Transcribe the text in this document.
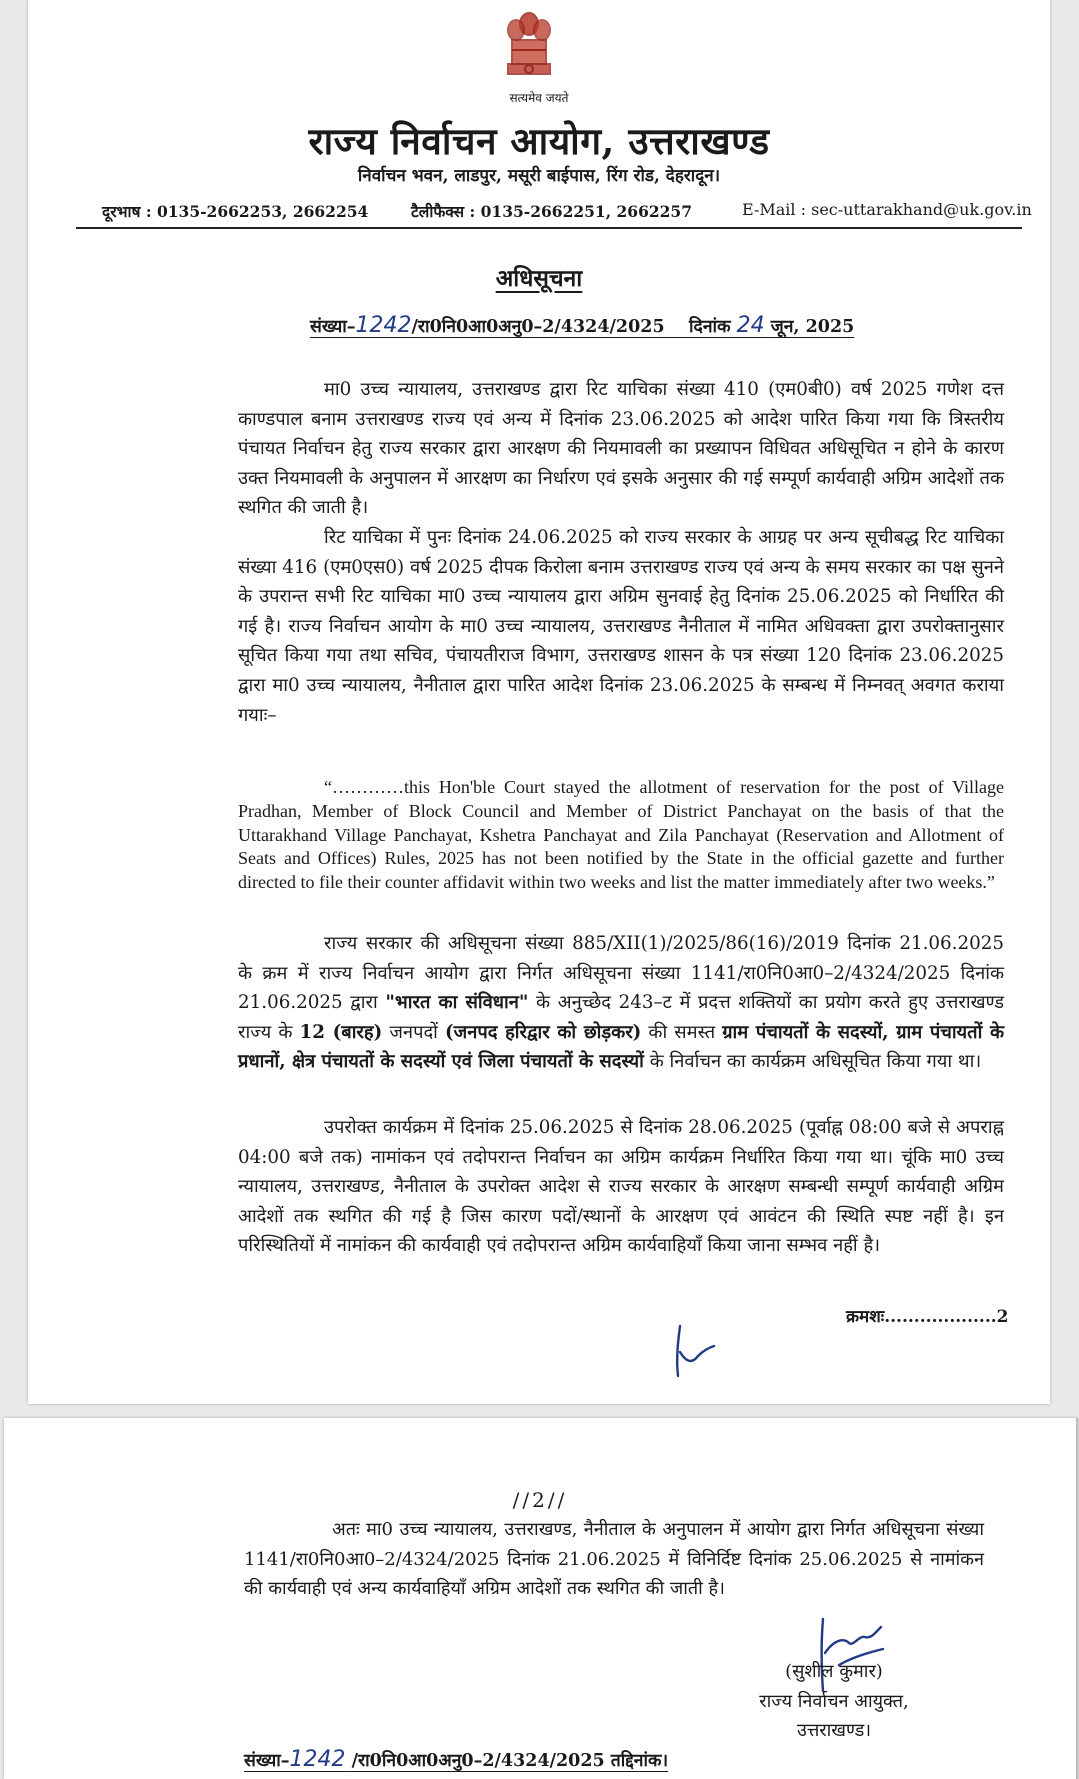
सत्यमेव जयते
राज्य निर्वाचन आयोग, उत्तराखण्ड
निर्वाचन भवन, लाडपुर, मसूरी बाईपास, रिंग रोड, देहरादून।
दूरभाष : 0135-2662253, 2662254	टैलीफैक्स : 0135-2662251, 2662257	E-Mail : sec-uttarakhand@uk.gov.in
अधिसूचना
संख्या–1242/रा0नि0आ0अनु0–2/4324/2025 दिनांक 24 जून, 2025

मा0 उच्च न्यायालय, उत्तराखण्ड द्वारा रिट याचिका संख्या 410 (एम0बी0) वर्ष 2025 गणेश दत्त काण्डपाल बनाम उत्तराखण्ड राज्य एवं अन्य में दिनांक 23.06.2025 को आदेश पारित किया गया कि त्रिस्तरीय पंचायत निर्वाचन हेतु राज्य सरकार द्वारा आरक्षण की नियमावली का प्रख्यापन विधिवत अधिसूचित न होने के कारण उक्त नियमावली के अनुपालन में आरक्षण का निर्धारण एवं इसके अनुसार की गई सम्पूर्ण कार्यवाही अग्रिम आदेशों तक स्थगित की जाती है।

रिट याचिका में पुनः दिनांक 24.06.2025 को राज्य सरकार के आग्रह पर अन्य सूचीबद्ध रिट याचिका संख्या 416 (एम0एस0) वर्ष 2025 दीपक किरोला बनाम उत्तराखण्ड राज्य एवं अन्य के समय सरकार का पक्ष सुनने के उपरान्त सभी रिट याचिका मा0 उच्च न्यायालय द्वारा अग्रिम सुनवाई हेतु दिनांक 25.06.2025 को निर्धारित की गई है। राज्य निर्वाचन आयोग के मा0 उच्च न्यायालय, उत्तराखण्ड नैनीताल में नामित अधिवक्ता द्वारा उपरोक्तानुसार सूचित किया गया तथा सचिव, पंचायतीराज विभाग, उत्तराखण्ड शासन के पत्र संख्या 120 दिनांक 23.06.2025 द्वारा मा0 उच्च न्यायालय, नैनीताल द्वारा पारित आदेश दिनांक 23.06.2025 के सम्बन्ध में निम्नवत् अवगत कराया गयाः–

“…………this Hon'ble Court stayed the allotment of reservation for the post of Village Pradhan, Member of Block Council and Member of District Panchayat on the basis of that the Uttarakhand Village Panchayat, Kshetra Panchayat and Zila Panchayat (Reservation and Allotment of Seats and Offices) Rules, 2025 has not been notified by the State in the official gazette and further directed to file their counter affidavit within two weeks and list the matter immediately after two weeks.”

राज्य सरकार की अधिसूचना संख्या 885/XII(1)/2025/86(16)/2019 दिनांक 21.06.2025 के क्रम में राज्य निर्वाचन आयोग द्वारा निर्गत अधिसूचना संख्या 1141/रा0नि0आ0–2/4324/2025 दिनांक 21.06.2025 द्वारा "भारत का संविधान" के अनुच्छेद 243–ट में प्रदत्त शक्तियों का प्रयोग करते हुए उत्तराखण्ड राज्य के 12 (बारह) जनपदों (जनपद हरिद्वार को छोड़कर) की समस्त ग्राम पंचायतों के सदस्यों, ग्राम पंचायतों के प्रधानों, क्षेत्र पंचायतों के सदस्यों एवं जिला पंचायतों के सदस्यों के निर्वाचन का कार्यक्रम अधिसूचित किया गया था।

उपरोक्त कार्यक्रम में दिनांक 25.06.2025 से दिनांक 28.06.2025 (पूर्वाह्न 08:00 बजे से अपराह्न 04:00 बजे तक) नामांकन एवं तदोपरान्त निर्वाचन का अग्रिम कार्यक्रम निर्धारित किया गया था। चूंकि मा0 उच्च न्यायालय, उत्तराखण्ड, नैनीताल के उपरोक्त आदेश से राज्य सरकार के आरक्षण सम्बन्धी सम्पूर्ण कार्यवाही अग्रिम आदेशों तक स्थगित की गई है जिस कारण पदों/स्थानों के आरक्षण एवं आवंटन की स्थिति स्पष्ट नहीं है। इन परिस्थितियों में नामांकन की कार्यवाही एवं तदोपरान्त अग्रिम कार्यवाहियॉं किया जाना सम्भव नहीं है।

क्रमशः...................2
//2//

अतः मा0 उच्च न्यायालय, उत्तराखण्ड, नैनीताल के अनुपालन में आयोग द्वारा निर्गत अधिसूचना संख्या 1141/रा0नि0आ0–2/4324/2025 दिनांक 21.06.2025 में विनिर्दिष्ट दिनांक 25.06.2025 से नामांकन की कार्यवाही एवं अन्य कार्यवाहियॉं अग्रिम आदेशों तक स्थगित की जाती है।

(सुशील कुमार)
राज्य निर्वाचन आयुक्त,
उत्तराखण्ड।
संख्या–1242 /रा0नि0आ0अनु0–2/4324/2025 तद्दिनांक।
